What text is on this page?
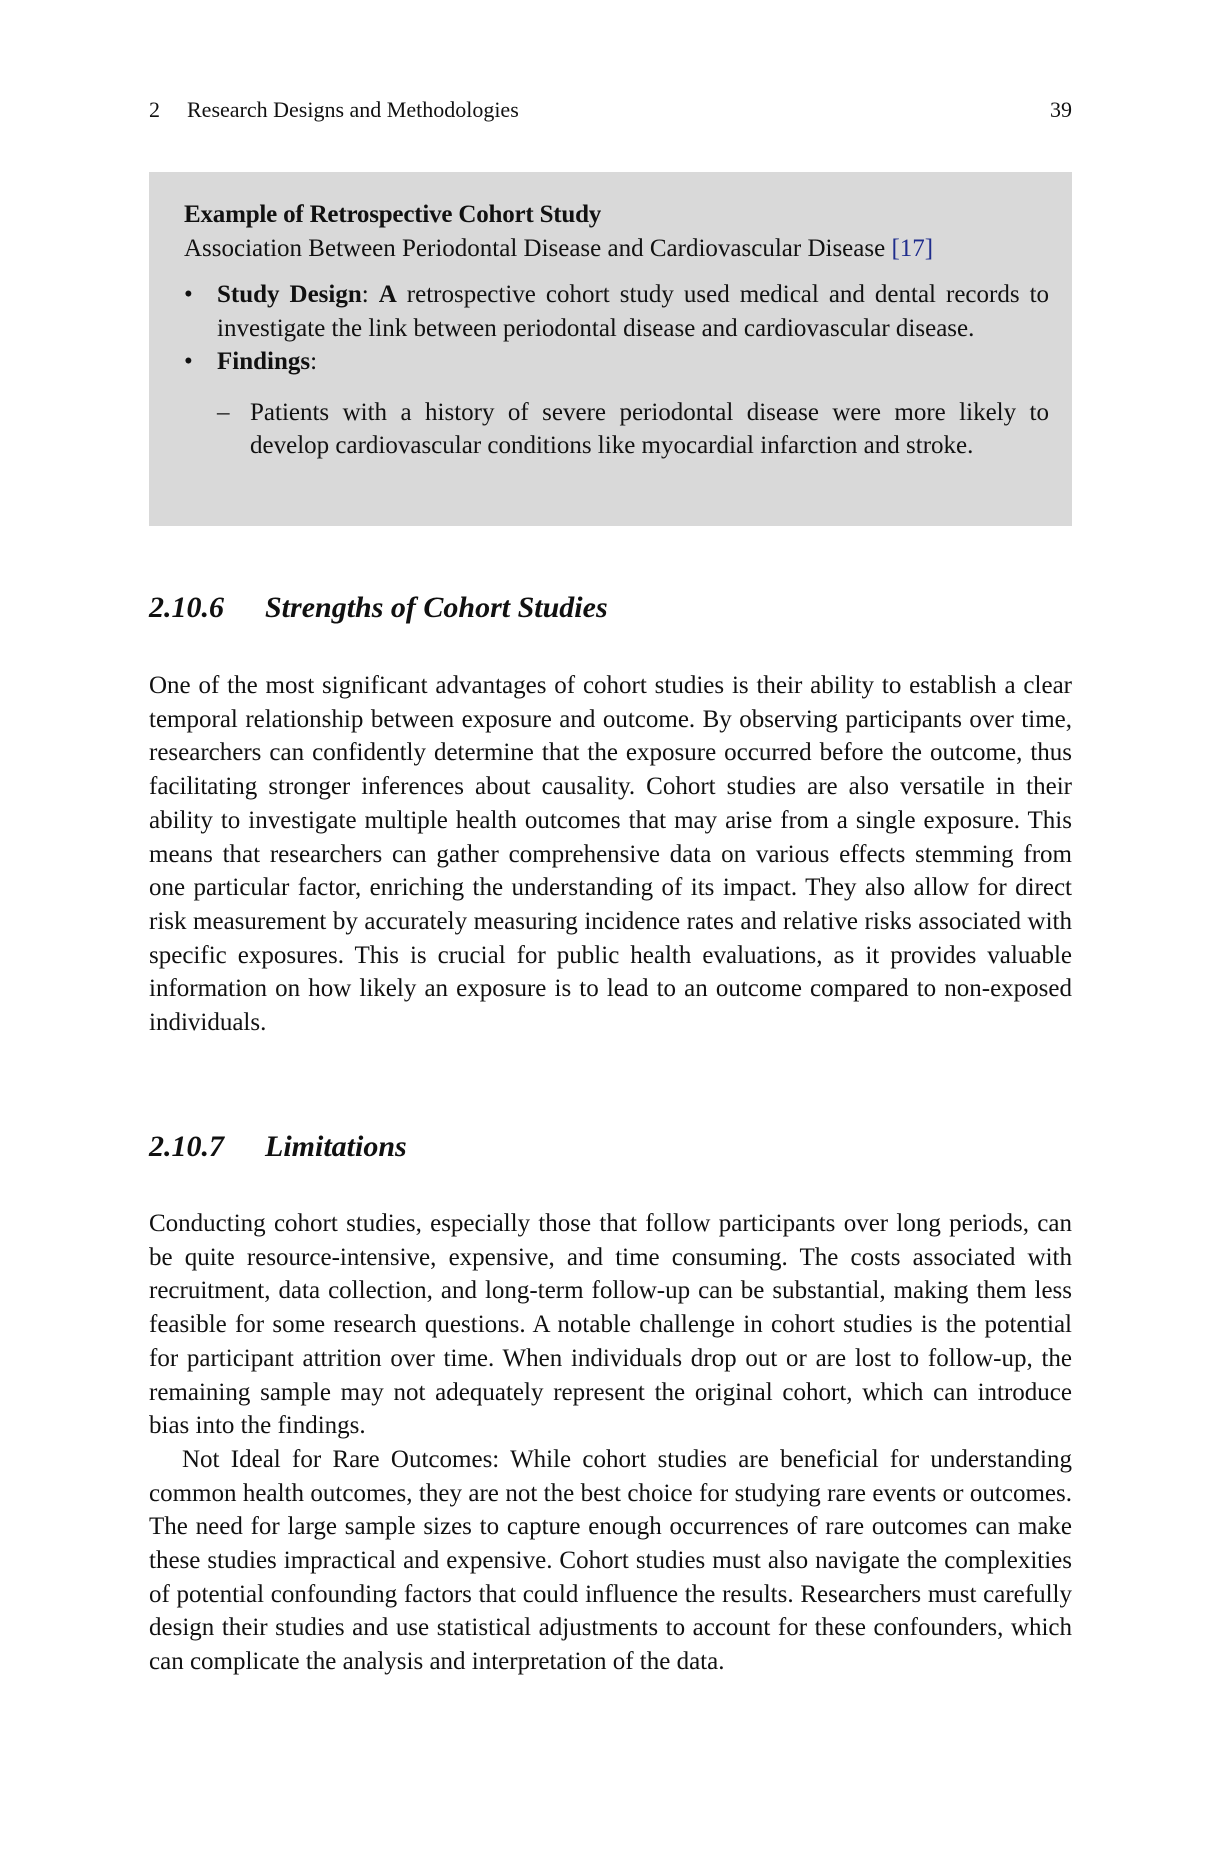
2 Research Designs and Methodologies	39
Example of Retrospective Cohort Study
Association Between Periodontal Disease and Cardiovascular Disease [17]
• Study Design: A retrospective cohort study used medical and dental records to investigate the link between periodontal disease and cardiovascular disease.
• Findings:
– Patients with a history of severe periodontal disease were more likely to develop cardiovascular conditions like myocardial infarction and stroke.
2.10.6 Strengths of Cohort Studies

One of the most significant advantages of cohort studies is their ability to establish a clear temporal relationship between exposure and outcome. By observing participants over time, researchers can confidently determine that the exposure occurred before the outcome, thus facilitating stronger inferences about causality. Cohort studies are also versatile in their ability to investigate multiple health outcomes that may arise from a single exposure. This means that researchers can gather comprehensive data on various effects stemming from one particular factor, enriching the understanding of its impact. They also allow for direct risk measurement by accurately measuring incidence rates and relative risks associated with specific exposures. This is crucial for public health evaluations, as it provides valuable information on how likely an exposure is to lead to an outcome compared to non-exposed individuals.

2.10.7 Limitations

Conducting cohort studies, especially those that follow participants over long periods, can be quite resource-intensive, expensive, and time consuming. The costs associated with recruitment, data collection, and long-term follow-up can be substantial, making them less feasible for some research questions. A notable challenge in cohort studies is the potential for participant attrition over time. When individuals drop out or are lost to follow-up, the remaining sample may not adequately represent the original cohort, which can introduce bias into the findings.

Not Ideal for Rare Outcomes: While cohort studies are beneficial for understanding common health outcomes, they are not the best choice for studying rare events or outcomes. The need for large sample sizes to capture enough occurrences of rare outcomes can make these studies impractical and expensive. Cohort studies must also navigate the complexities of potential confounding factors that could influence the results. Researchers must carefully design their studies and use statistical adjustments to account for these confounders, which can complicate the analysis and interpretation of the data.
